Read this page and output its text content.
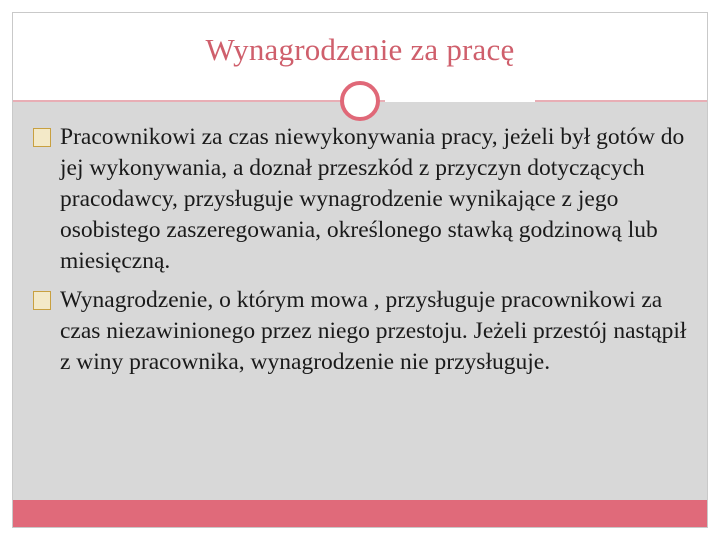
Wynagrodzenie za pracę
Pracownikowi za czas niewykonywania pracy, jeżeli był gotów do jej wykonywania, a doznał przeszkód z przyczyn dotyczących pracodawcy, przysługuje wynagrodzenie wynikające z jego osobistego zaszeregowania, określonego stawką godzinową lub miesięczną.
Wynagrodzenie, o którym mowa , przysługuje pracownikowi za czas niezawinionego przez niego przestoju. Jeżeli przestój nastąpił z winy pracownika, wynagrodzenie nie przysługuje.
